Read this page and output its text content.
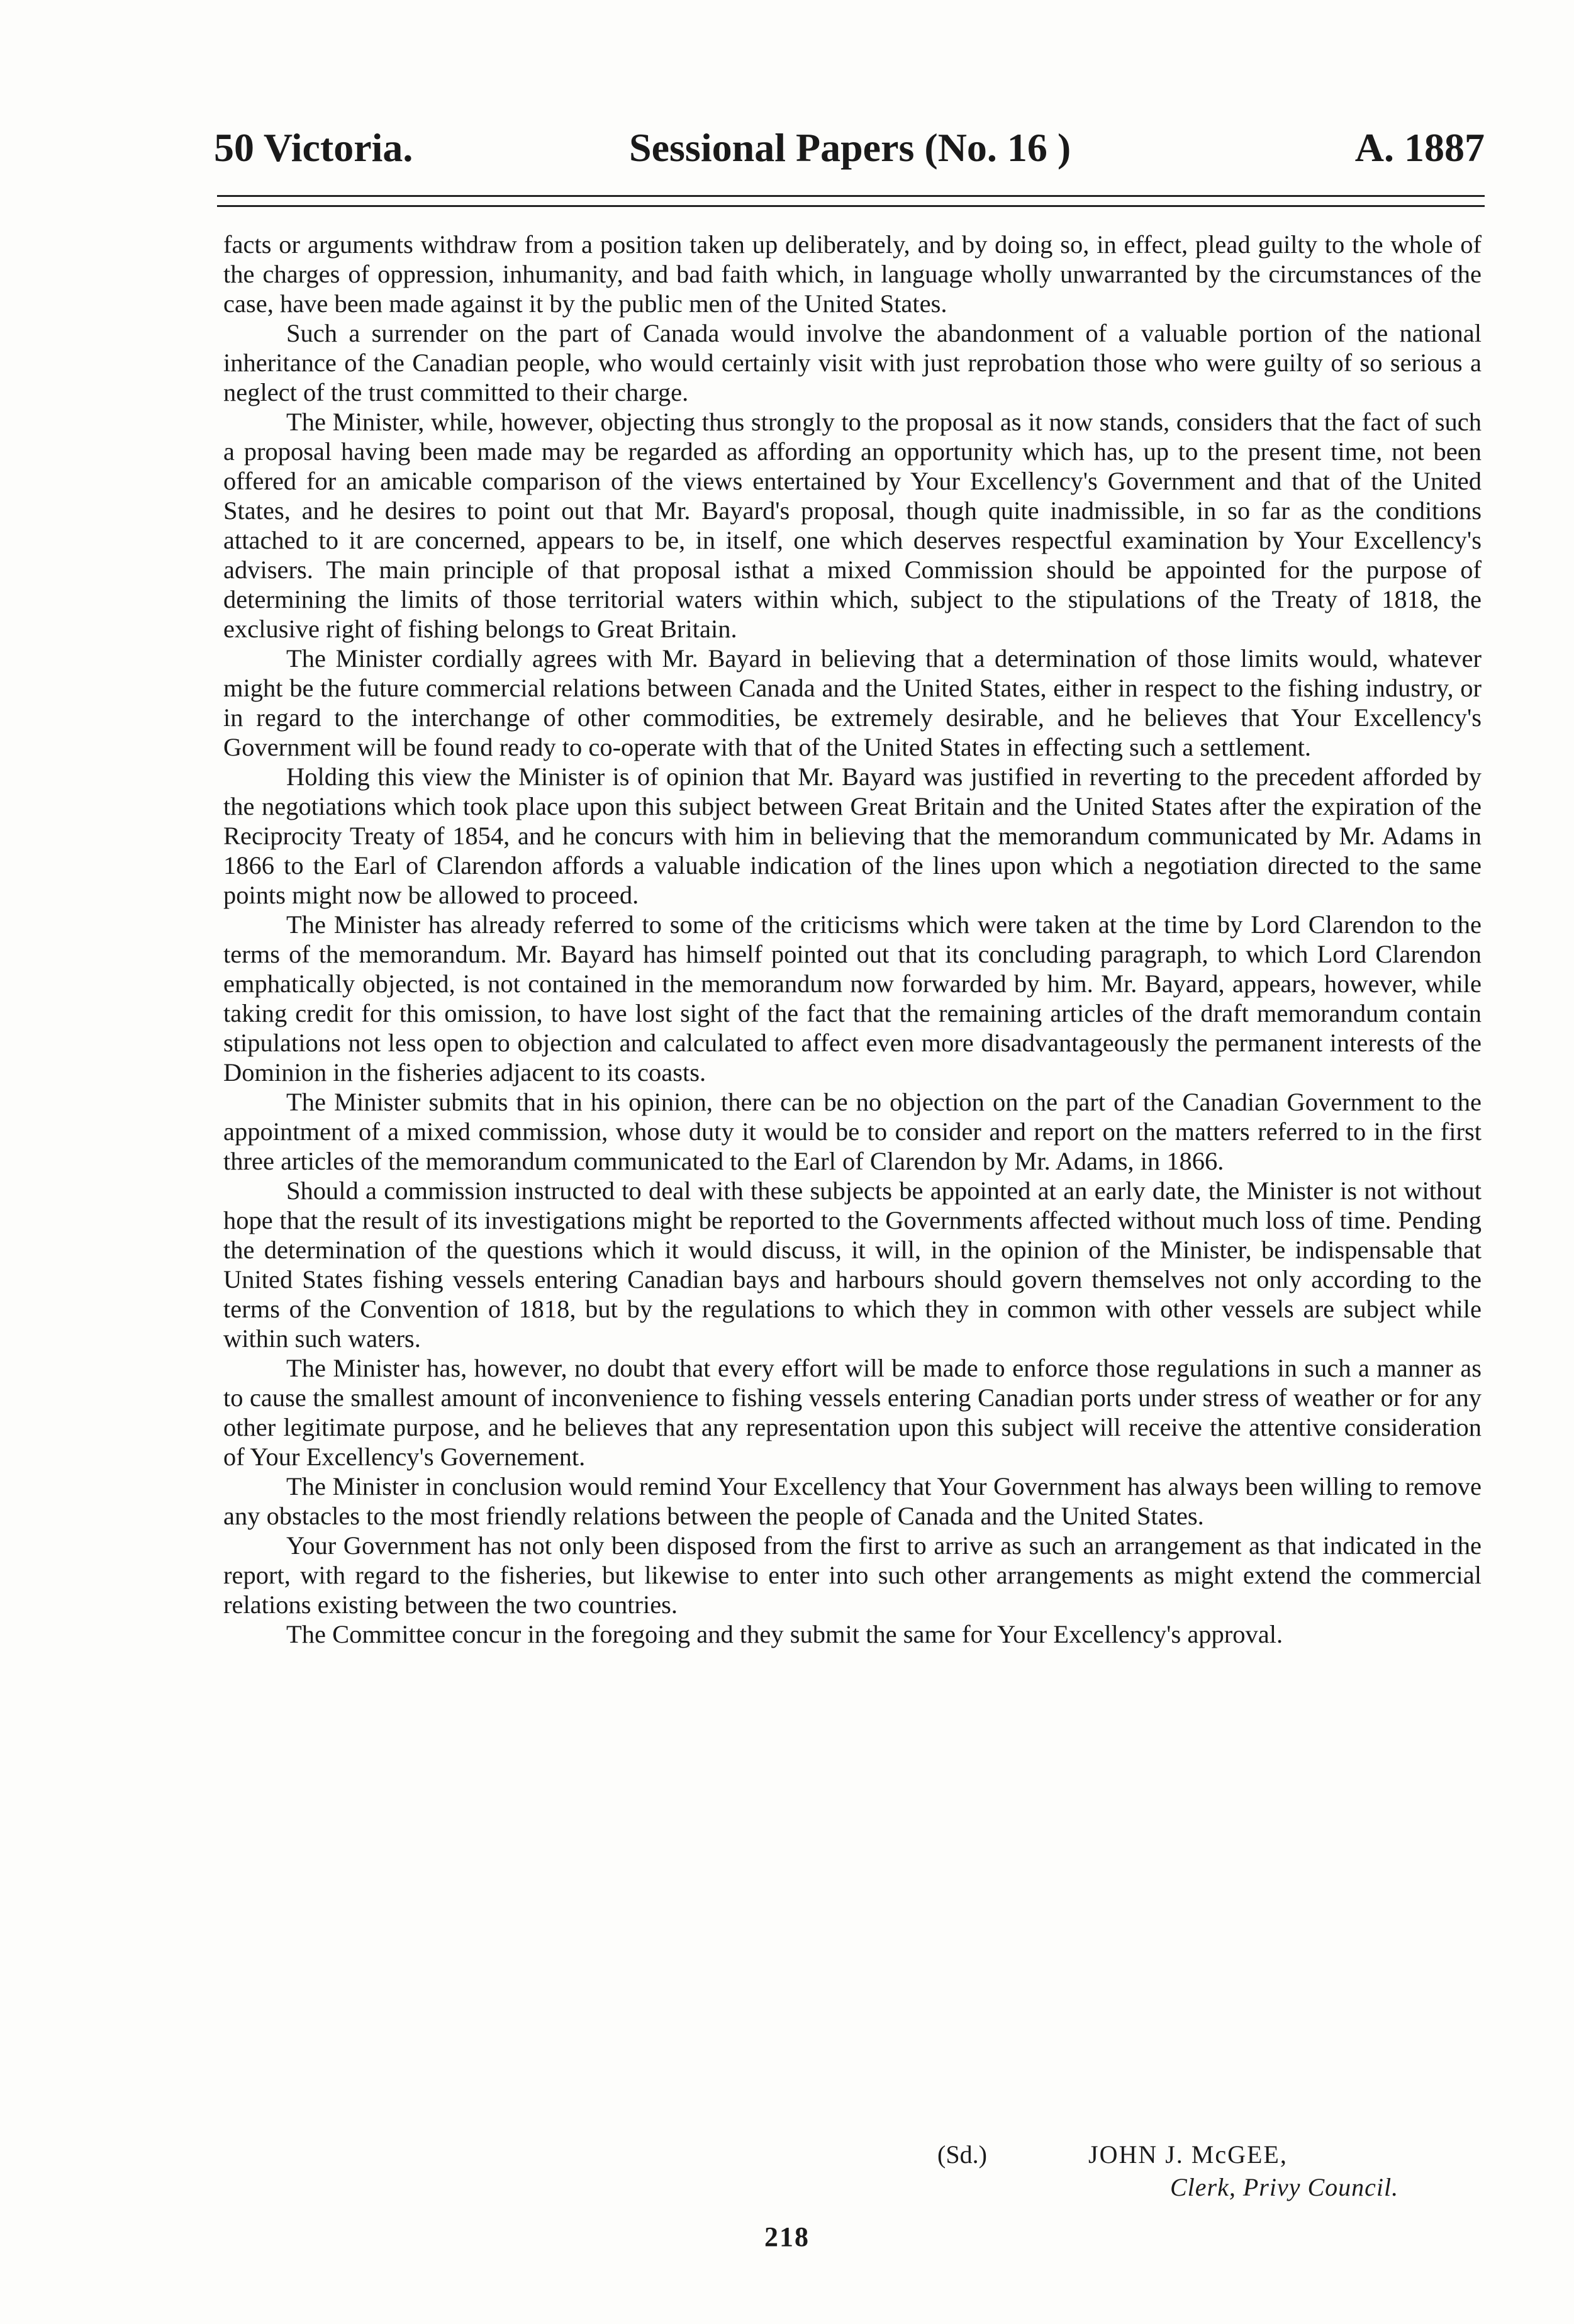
50 Victoria.	Sessional Papers (No. 16 )	A. 1887

facts or arguments withdraw from a position taken up deliberately, and by doing so, in effect, plead guilty to the whole of the charges of oppression, inhumanity, and bad faith which, in language wholly unwarranted by the circumstances of the case, have been made against it by the public men of the United States.

Such a surrender on the part of Canada would involve the abandonment of a valuable portion of the national inheritance of the Canadian people, who would certainly visit with just reprobation those who were guilty of so serious a neglect of the trust committed to their charge.

The Minister, while, however, objecting thus strongly to the proposal as it now stands, considers that the fact of such a proposal having been made may be regarded as affording an opportunity which has, up to the present time, not been offered for an amicable comparison of the views entertained by Your Excellency's Government and that of the United States, and he desires to point out that Mr. Bayard's proposal, though quite inadmissible, in so far as the conditions attached to it are concerned, appears to be, in itself, one which deserves respectful examination by Your Excellency's advisers. The main principle of that proposal isthat a mixed Commission should be appointed for the purpose of determining the limits of those territorial waters within which, subject to the stipulations of the Treaty of 1818, the exclusive right of fishing belongs to Great Britain.

The Minister cordially agrees with Mr. Bayard in believing that a determination of those limits would, whatever might be the future commercial relations between Canada and the United States, either in respect to the fishing industry, or in regard to the interchange of other commodities, be extremely desirable, and he believes that Your Excellency's Government will be found ready to co-operate with that of the United States in effecting such a settlement.

Holding this view the Minister is of opinion that Mr. Bayard was justified in reverting to the precedent afforded by the negotiations which took place upon this subject between Great Britain and the United States after the expiration of the Reciprocity Treaty of 1854, and he concurs with him in believing that the memorandum communicated by Mr. Adams in 1866 to the Earl of Clarendon affords a valuable indication of the lines upon which a negotiation directed to the same points might now be allowed to proceed.

The Minister has already referred to some of the criticisms which were taken at the time by Lord Clarendon to the terms of the memorandum. Mr. Bayard has himself pointed out that its concluding paragraph, to which Lord Clarendon emphatically objected, is not contained in the memorandum now forwarded by him. Mr. Bayard, appears, however, while taking credit for this omission, to have lost sight of the fact that the remaining articles of the draft memorandum contain stipulations not less open to objection and calculated to affect even more disadvantageously the permanent interests of the Dominion in the fisheries adjacent to its coasts.

The Minister submits that in his opinion, there can be no objection on the part of the Canadian Government to the appointment of a mixed commission, whose duty it would be to consider and report on the matters referred to in the first three articles of the memorandum communicated to the Earl of Clarendon by Mr. Adams, in 1866.

Should a commission instructed to deal with these subjects be appointed at an early date, the Minister is not without hope that the result of its investigations might be reported to the Governments affected without much loss of time. Pending the determination of the questions which it would discuss, it will, in the opinion of the Minister, be indispensable that United States fishing vessels entering Canadian bays and harbours should govern themselves not only according to the terms of the Convention of 1818, but by the regulations to which they in common with other vessels are subject while within such waters.

The Minister has, however, no doubt that every effort will be made to enforce those regulations in such a manner as to cause the smallest amount of inconvenience to fishing vessels entering Canadian ports under stress of weather or for any other legitimate purpose, and he believes that any representation upon this subject will receive the attentive consideration of Your Excellency's Governement.

The Minister in conclusion would remind Your Excellency that Your Government has always been willing to remove any obstacles to the most friendly relations between the people of Canada and the United States.

Your Government has not only been disposed from the first to arrive as such an arrangement as that indicated in the report, with regard to the fisheries, but likewise to enter into such other arrangements as might extend the commercial relations existing between the two countries.

The Committee concur in the foregoing and they submit the same for Your Excellency's approval.

(Sd.)	JOHN J. McGEE,
Clerk, Privy Council.
218
